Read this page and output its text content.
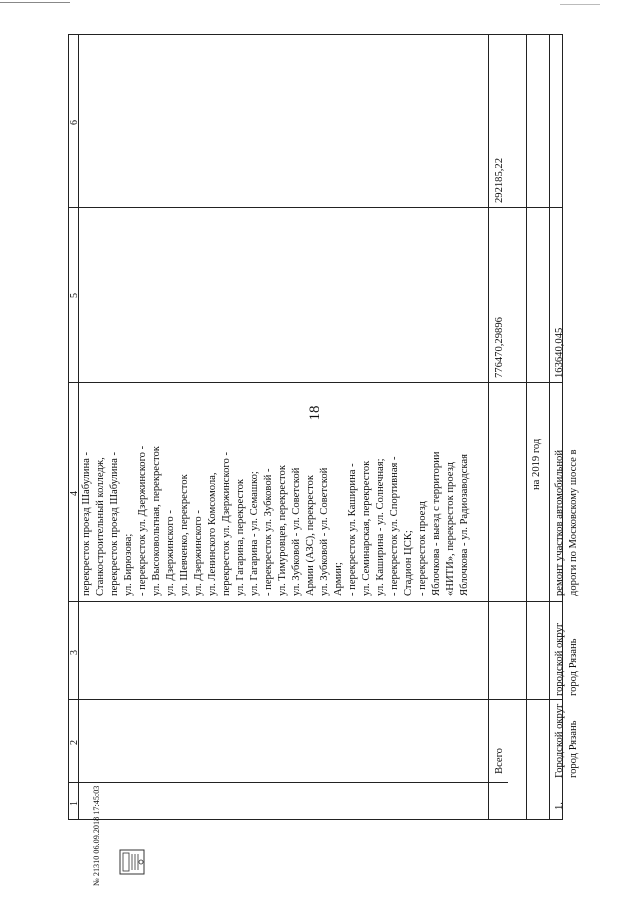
18
1
2
3
4
5
6
перекресток проезд Шабулина - Станкостроительный колледж, перекресток проезд Шабулина - ул. Бирюзова; - перекресток ул. Дзержинского - ул. Высоковольтная, перекресток ул. Дзержинского - ул. Шевченко, перекресток ул. Дзержинского - ул. Ленинского Комсомола, перекресток ул. Дзержинского - ул. Гагарина, перекресток ул. Гагарина - ул. Семашко; - перекресток ул. Зубковой - ул. Тимуровцев, перекресток ул. Зубковой - ул. Советской Армии (АЗС), перекресток ул. Зубковой - ул. Советской Армии; - перекресток ул. Каширина - ул. Семинарская, перекресток ул. Каширина - ул. Солнечная; - перекресток ул. Спортивная - Стадион ЦСК; - перекресток проезд Яблочкова - выезд с территории «НИТИ», перекресток проезд Яблочкова - ул. Радиозаводская
Всего
776470,29896
292185,22
на 2019 год
1.
Городской округ город Рязань
городской округ город Рязань
ремонт участков автомобильной дороги по Московскому шоссе в
163640,045
№ 21310 06.09.2018 17:45:03
